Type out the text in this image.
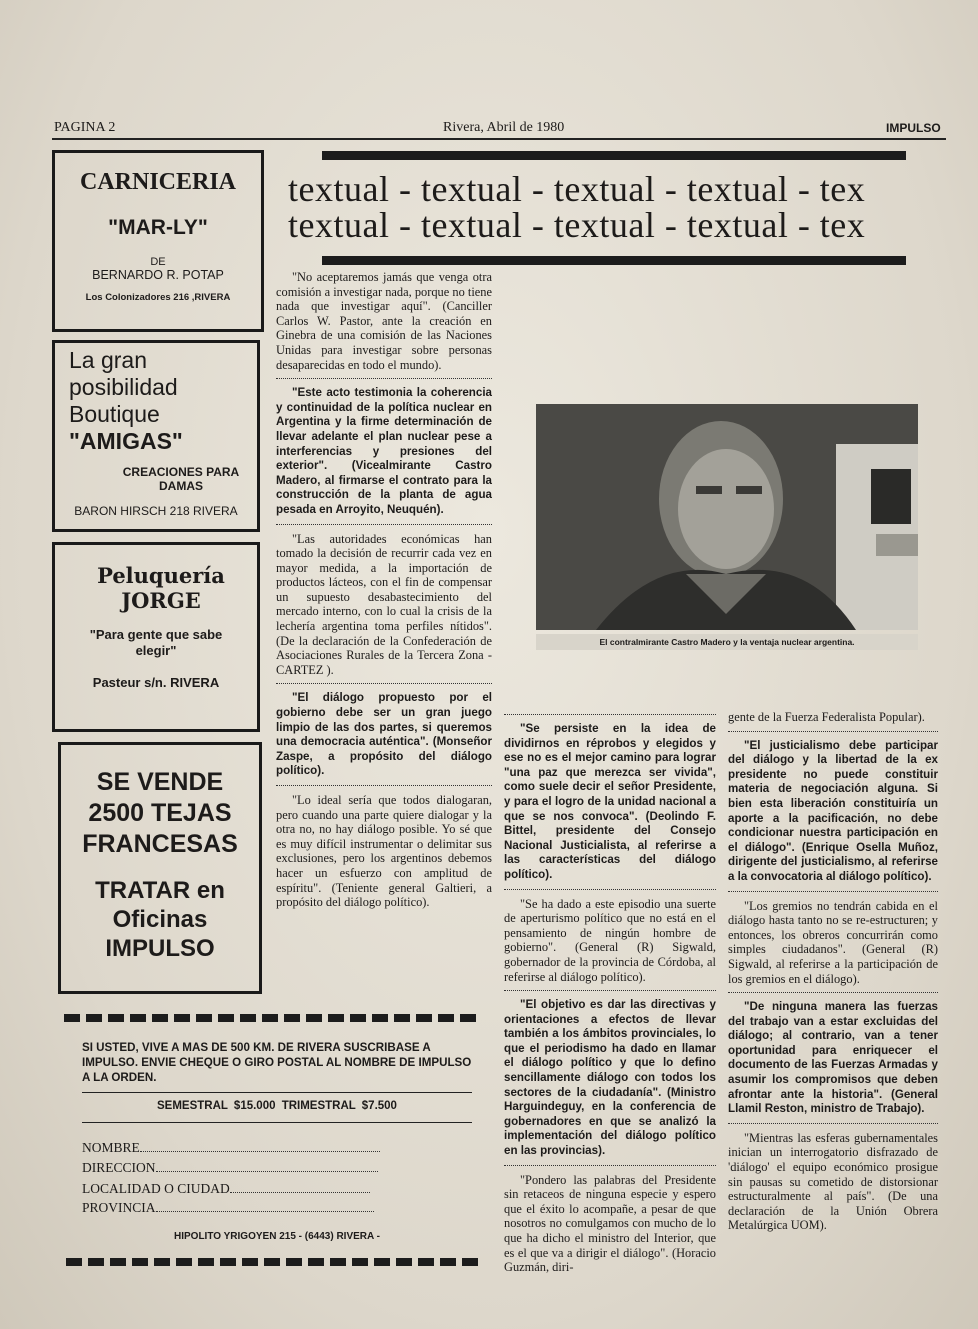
PAGINA 2	Rivera, Abril de 1980	IMPULSO
CARNICERIA
"MAR-LY"
DE
BERNARDO R. POTAP
Los Colonizadores 216 ,RIVERA
La gran
posibilidad
Boutique
"AMIGAS"
CREACIONES PARA
DAMAS
BARON HIRSCH 218 RIVERA
Peluquería
JORGE
"Para gente que sabe elegir"
Pasteur s/n. RIVERA
SE VENDE
2500 TEJAS
FRANCESAS
TRATAR en
Oficinas
IMPULSO
textual - textual - textual - textual - tex
textual - textual - textual - textual - tex

"No aceptaremos jamás que venga otra comisión a investigar nada, porque no tiene nada que investigar aquí". (Canciller Carlos W. Pastor, ante la creación en Ginebra de una comisión de las Naciones Unidas para investigar sobre personas desaparecidas en todo el mundo).

"Este acto testimonia la coherencia y continuidad de la política nuclear en Argentina y la firme determinación de llevar adelante el plan nuclear pese a interferencias y presiones del exterior". (Vicealmirante Castro Madero, al firmarse el contrato para la construcción de la planta de agua pesada en Arroyito, Neuquén).

"Las autoridades económicas han tomado la decisión de recurrir cada vez en mayor medida, a la importación de productos lácteos, con el fin de compensar un supuesto desabastecimiento del mercado interno, con lo cual la crisis de la lechería argentina toma perfiles nítidos".(De la declaración de la Confederación de Asociaciones Rurales de la Tercera Zona - CARTEZ ).

"El diálogo propuesto por el gobierno debe ser un gran juego limpio de las dos partes, si queremos una democracia auténtica". (Monseñor Zaspe, a propósito del diálogo político).

"Lo ideal sería que todos dialogaran, pero cuando una parte quiere dialogar y la otra no, no hay diálogo posible. Yo sé que es muy difícil instrumentar o delimitar sus exclusiones, pero los argentinos debemos hacer un esfuerzo con amplitud de espíritu". (Teniente general Galtieri, a propósito del diálogo político).

El contralmirante Castro Madero y la ventaja nuclear argentina.

"Se persiste en la idea de dividirnos en réprobos y elegidos y ese no es el mejor camino para lograr "una paz que merezca ser vivida", como suele decir el señor Presidente, y para el logro de la unidad nacional a que se nos convoca". (Deolindo F. Bittel, presidente del Consejo Nacional Justicialista, al referirse a las características del diálogo político).

"Se ha dado a este episodio una suerte de aperturismo político que no está en el pensamiento de ningún hombre de gobierno". (General (R) Sigwald, gobernador de la provincia de Córdoba, al referirse al diálogo político).

"El objetivo es dar las directivas y orientaciones a efectos de llevar también a los ámbitos provinciales, lo que el periodismo ha dado en llamar el diálogo político y que lo defino sencillamente diálogo con todos los sectores de la ciudadanía". (Ministro Harguindeguy, en la conferencia de gobernadores en que se analizó la implementación del diálogo político en las provincias).

"Pondero las palabras del Presidente sin retaceos de ninguna especie y espero que el éxito lo acompañe, a pesar de que nosotros no comulgamos con mucho de lo que ha dicho el ministro del Interior, que es el que va a dirigir el diálogo". (Horacio Guzmán, diri-

gente de la Fuerza Federalista Popular).

"El justicialismo debe participar del diálogo y la libertad de la ex presidente no puede constituir materia de negociación alguna. Si bien esta liberación constituiría un aporte a la pacificación, no debe condicionar nuestra participación en el diálogo". (Enrique Osella Muñoz, dirigente del justicialismo, al referirse a la convocatoria al diálogo político).

"Los gremios no tendrán cabida en el diálogo hasta tanto no se re-estructuren; y entonces, los obreros concurrirán como simples ciudadanos". (General (R) Sigwald, al referirse a la participación de los gremios en el diálogo).

"De ninguna manera las fuerzas del trabajo van a estar excluidas del diálogo; al contrario, van a tener oportunidad para enriquecer el documento de las Fuerzas Armadas y asumir los compromisos que deben afrontar ante la historia". (General Llamil Reston, ministro de Trabajo).

"Mientras las esferas gubernamentales inician un interrogatorio disfrazado de 'diálogo' el equipo económico prosigue sin pausas su cometido de distorsionar estructuralmente al país". (De una declaración de la Unión Obrera Metalúrgica UOM).

SI USTED, VIVE A MAS DE 500 KM. DE RIVERA SUSCRIBASE A IMPULSO. ENVIE CHEQUE O GIRO POSTAL AL NOMBRE DE IMPULSO A LA ORDEN.
SEMESTRAL $15.000 TRIMESTRAL $7.500
NOMBRE
DIRECCION
LOCALIDAD O CIUDAD
PROVINCIA
HIPOLITO YRIGOYEN 215 - (6443) RIVERA -
